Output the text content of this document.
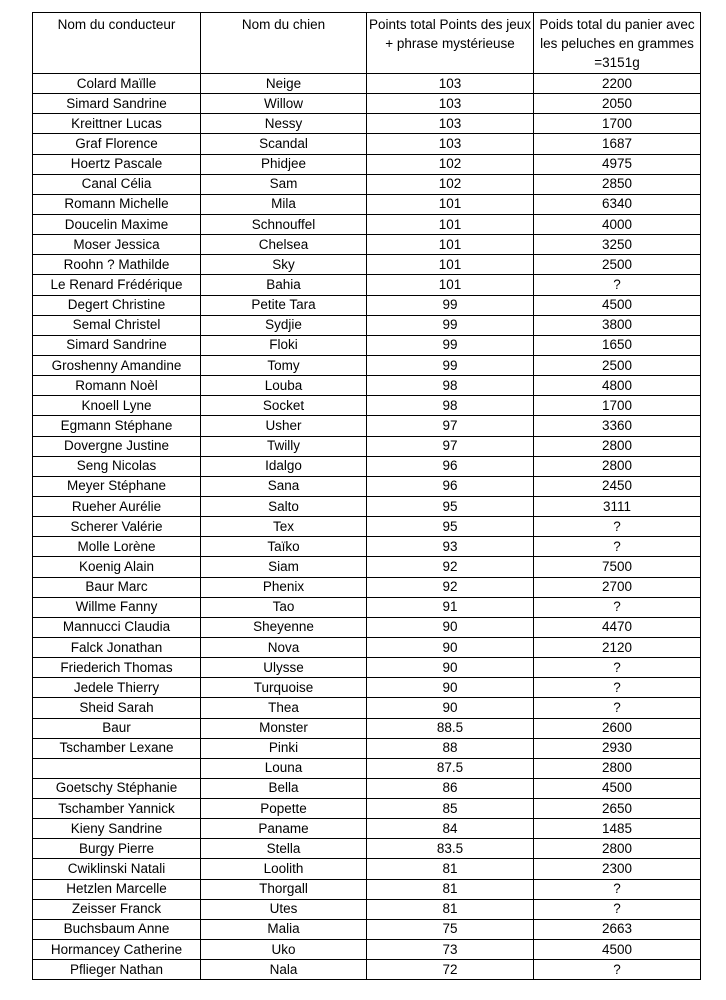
Nom du conducteur	Nom du chien	Points total Points des jeux + phrase mystérieuse	Poids total du panier avec les peluches en grammes =3151g
Colard Maïlle	Neige	103	2200
Simard Sandrine	Willow	103	2050
Kreittner Lucas	Nessy	103	1700
Graf Florence	Scandal	103	1687
Hoertz Pascale	Phidjee	102	4975
Canal Célia	Sam	102	2850
Romann Michelle	Mila	101	6340
Doucelin Maxime	Schnouffel	101	4000
Moser Jessica	Chelsea	101	3250
Roohn ? Mathilde	Sky	101	2500
Le Renard Frédérique	Bahia	101	?
Degert Christine	Petite Tara	99	4500
Semal Christel	Sydjie	99	3800
Simard Sandrine	Floki	99	1650
Groshenny Amandine	Tomy	99	2500
Romann Noèl	Louba	98	4800
Knoell Lyne	Socket	98	1700
Egmann Stéphane	Usher	97	3360
Dovergne Justine	Twilly	97	2800
Seng Nicolas	Idalgo	96	2800
Meyer Stéphane	Sana	96	2450
Rueher Aurélie	Salto	95	3111
Scherer Valérie	Tex	95	?
Molle Lorène	Taïko	93	?
Koenig Alain	Siam	92	7500
Baur Marc	Phenix	92	2700
Willme Fanny	Tao	91	?
Mannucci Claudia	Sheyenne	90	4470
Falck Jonathan	Nova	90	2120
Friederich Thomas	Ulysse	90	?
Jedele Thierry	Turquoise	90	?
Sheid Sarah	Thea	90	?
Baur	Monster	88.5	2600
Tschamber Lexane	Pinki	88	2930
	Louna	87.5	2800
Goetschy Stéphanie	Bella	86	4500
Tschamber Yannick	Popette	85	2650
Kieny Sandrine	Paname	84	1485
Burgy Pierre	Stella	83.5	2800
Cwiklinski Natali	Loolith	81	2300
Hetzlen Marcelle	Thorgall	81	?
Zeisser Franck	Utes	81	?
Buchsbaum Anne	Malia	75	2663
Hormancey Catherine	Uko	73	4500
Pflieger Nathan	Nala	72	?
